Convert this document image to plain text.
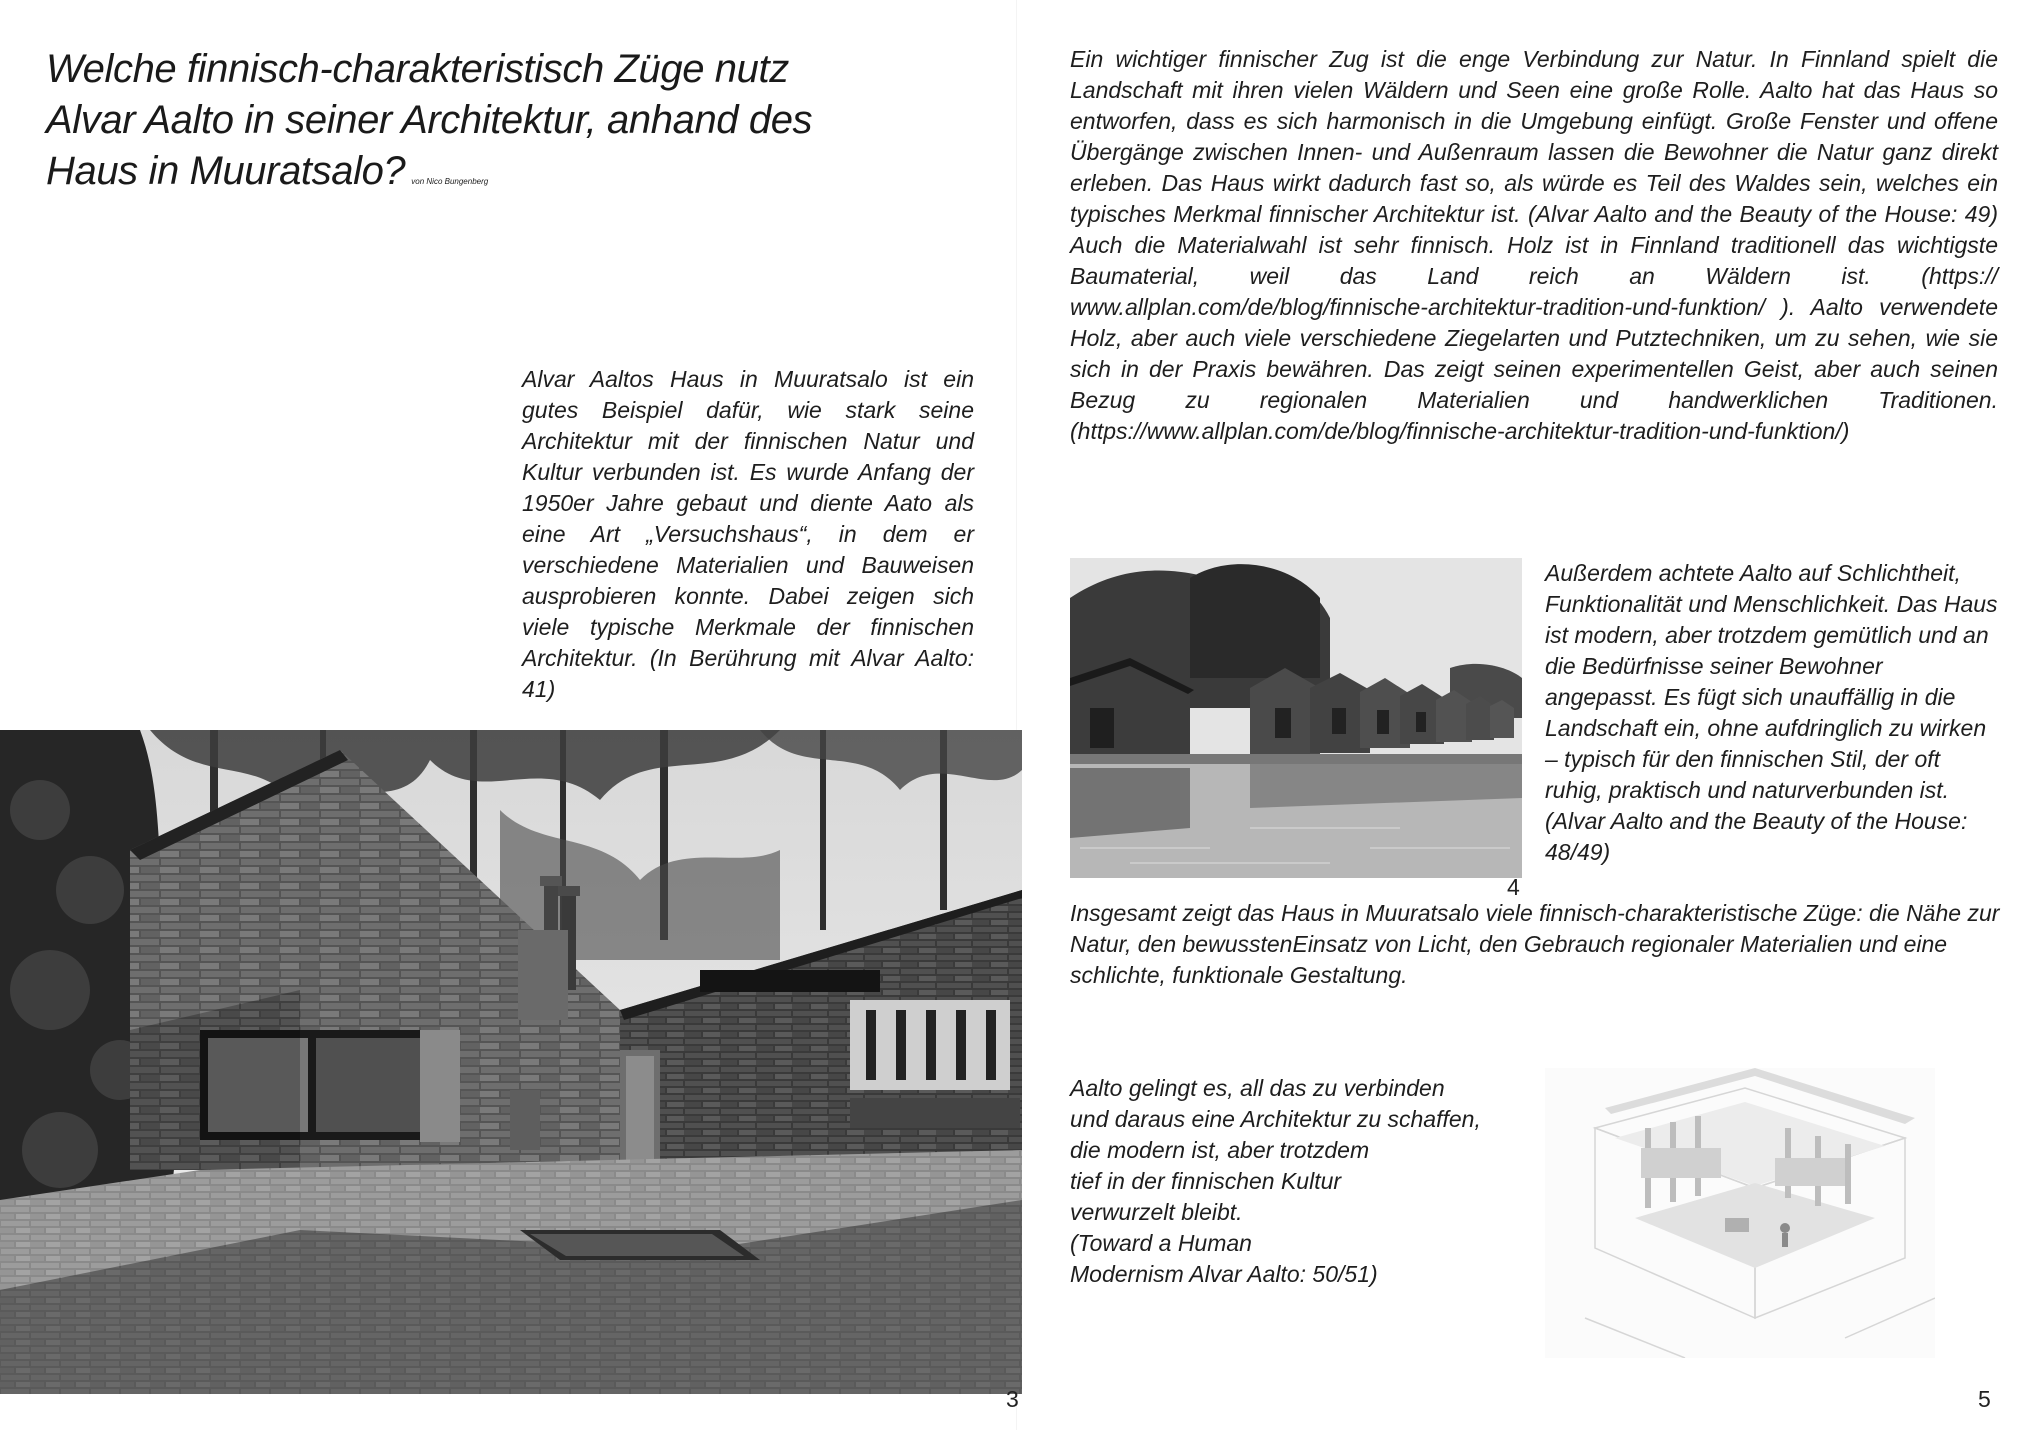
Welche finnisch-charakteristisch Züge nutz Alvar Aalto in seiner Architektur, anhand des Haus in Muuratsalo? von Nico Bungenberg

Alvar Aaltos Haus in Muuratsalo ist ein gutes Beispiel dafür, wie stark seine Architektur mit der finnischen Natur und Kultur verbunden ist. Es wurde Anfang der 1950er Jahre gebaut und diente Aato als eine Art „Versuchshaus“, in dem er verschiedene Materialien und Bauweisen ausprobieren konnte. Dabei zeigen sich viele typische Merkmale der finnischen Architektur. (In Berührung mit Alvar Aalto: 41)

3

Ein wichtiger finnischer Zug ist die enge Verbindung zur Natur. In Finnland spielt die Landschaft mit ihren vielen Wäldern und Seen eine große Rolle. Aalto hat das Haus so entworfen, dass es sich harmonisch in die Umgebung einfügt. Große Fenster und offene Übergänge zwischen Innen- und Außenraum lassen die Bewohner die Natur ganz direkt erleben. Das Haus wirkt dadurch fast so, als würde es Teil des Waldes sein, welches ein typisches Merkmal finnischer Architektur ist. (Alvar Aalto and the Beauty of the House: 49) Auch die Materialwahl ist sehr finnisch. Holz ist in Finnland traditionell das wichtigste Baumaterial, weil das Land reich an Wäldern ist. (https:// www.allplan.com/de/blog/finnische-architektur-tradition-und-funktion/ ). Aalto verwendete Holz, aber auch viele verschiedene Ziegelarten und Putztechniken, um zu sehen, wie sie sich in der Praxis bewähren. Das zeigt seinen experimentellen Geist, aber auch seinen Bezug zu regionalen Materialien und handwerklichen Traditionen. (https://www.allplan.com/de/blog/finnische-architektur-tradition-und-funktion/)

Außerdem achtete Aalto auf Schlichtheit, Funktionalität und Menschlichkeit. Das Haus ist modern, aber trotzdem gemütlich und an die Bedürfnisse seiner Bewohner angepasst. Es fügt sich unauffällig in die Landschaft ein, ohne aufdringlich zu wirken – typisch für den finnischen Stil, der oft ruhig, praktisch und naturverbunden ist. (Alvar Aalto and the Beauty of the House: 48/49)

4

Insgesamt zeigt das Haus in Muuratsalo viele finnisch-charakteristische Züge: die Nähe zur Natur, den bewusstenEinsatz von Licht, den Gebrauch regionaler Materialien und eine schlichte, funktionale Gestaltung.

Aalto gelingt es, all das zu verbinden
und daraus eine Architektur zu schaffen,
die modern ist, aber trotzdem
tief in der finnischen Kultur
verwurzelt bleibt.
(Toward a Human
Modernism Alvar Aalto: 50/51)

5
